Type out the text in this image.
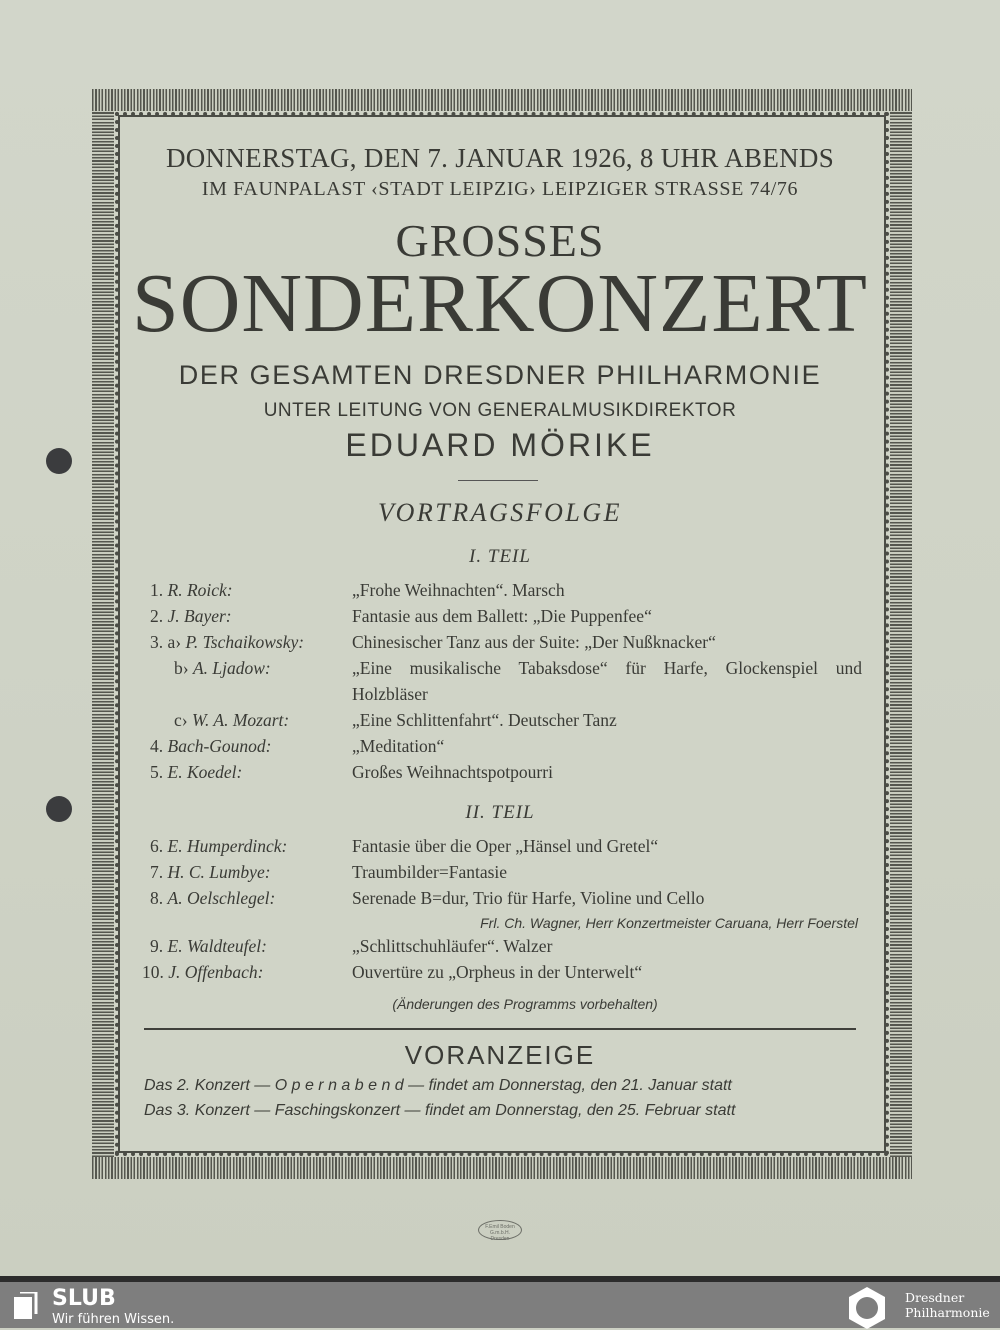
DONNERSTAG, DEN 7. JANUAR 1926, 8 UHR ABENDS
IM FAUNPALAST ‹STADT LEIPZIG› LEIPZIGER STRASSE 74/76
GROSSES
SONDERKONZERT
DER GESAMTEN DRESDNER PHILHARMONIE
UNTER LEITUNG VON GENERALMUSIKDIREKTOR
EDUARD MÖRIKE
VORTRAGSFOLGE
I. TEIL
II. TEIL
1. R. Roick:	„Frohe Weihnachten“. Marsch
2. J. Bayer:	Fantasie aus dem Ballett: „Die Puppenfee“
3. a› P. Tschaikowsky:	Chinesischer Tanz aus der Suite: „Der Nußknacker“
b› A. Ljadow:	„Eine musikalische Tabaksdose“ für Harfe, Glockenspiel und
Holzbläser
c› W. A. Mozart:	„Eine Schlittenfahrt“. Deutscher Tanz
4. Bach-Gounod:	„Meditation“
5. E. Koedel:	Großes Weihnachtspotpourri
6. E. Humperdinck:	Fantasie über die Oper „Hänsel und Gretel“
7. H. C. Lumbye:	Traumbilder=Fantasie
8. A. Oelschlegel:	Serenade B=dur, Trio für Harfe, Violine und Cello
Frl. Ch. Wagner, Herr Konzertmeister Caruana, Herr Foerstel
9. E. Waldteufel:	„Schlittschuhläufer“. Walzer
10. J. Offenbach:	Ouvertüre zu „Orpheus in der Unterwelt“
(Änderungen des Programms vorbehalten)
VORANZEIGE
Das 2. Konzert — O p e r n a b e n d — findet am Donnerstag, den 21. Januar statt
Das 3. Konzert — Faschingskonzert — findet am Donnerstag, den 25. Februar statt
F.Emil Boden
G.m.b.H.
Dresden
SLUB
Wir führen Wissen.
Dresdner
Philharmonie
